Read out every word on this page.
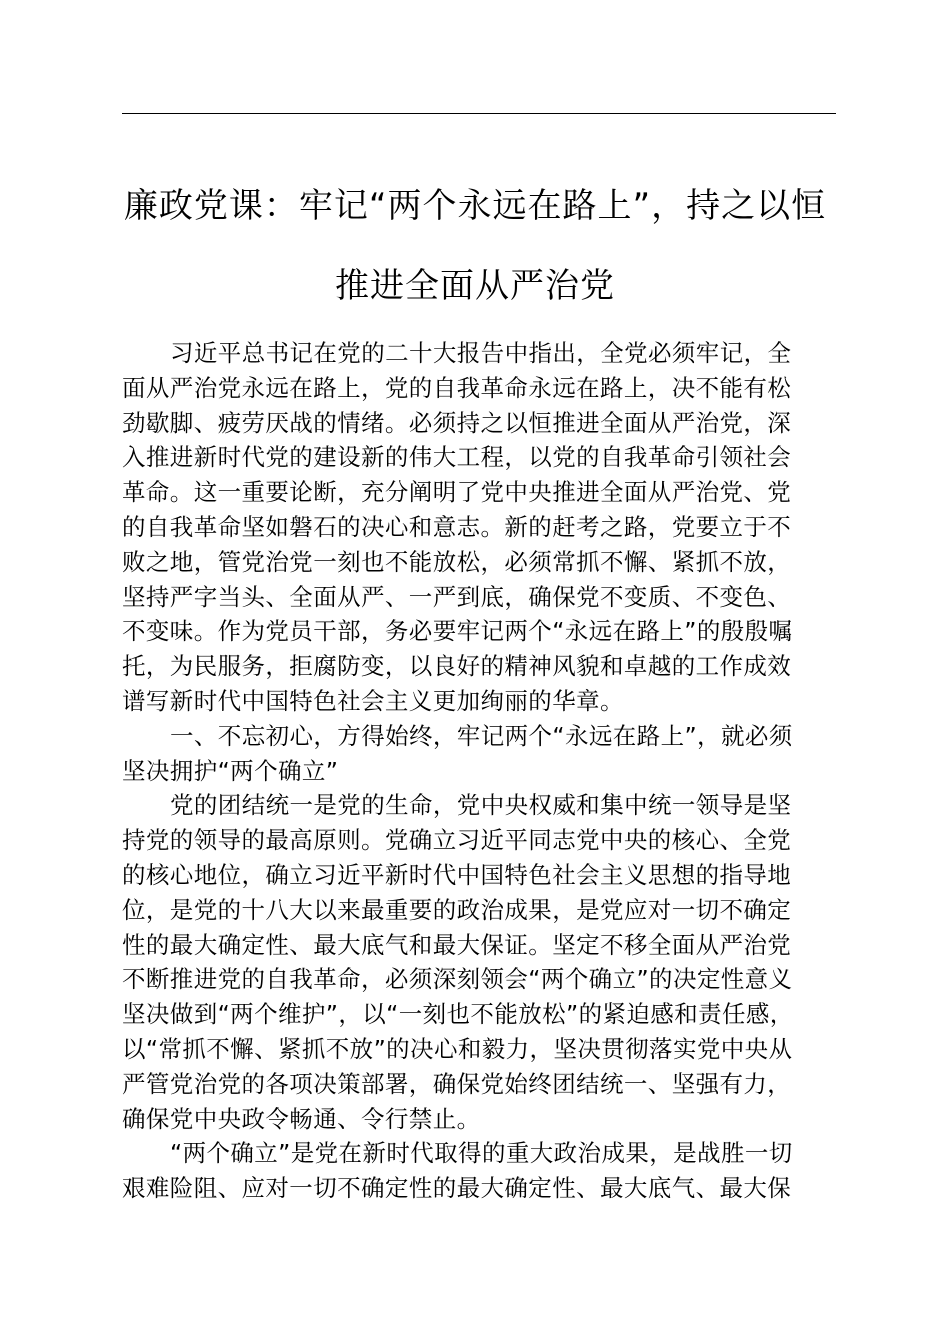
廉政党课：牢记“两个永远在路上”，持之以恒
推进全面从严治党
习近平总书记在党的二十大报告中指出，全党必须牢记，全
面从严治党永远在路上，党的自我革命永远在路上，决不能有松
劲歇脚、疲劳厌战的情绪。必须持之以恒推进全面从严治党，深
入推进新时代党的建设新的伟大工程，以党的自我革命引领社会
革命。这一重要论断，充分阐明了党中央推进全面从严治党、党
的自我革命坚如磐石的决心和意志。新的赶考之路，党要立于不
败之地，管党治党一刻也不能放松，必须常抓不懈、紧抓不放，
坚持严字当头、全面从严、一严到底，确保党不变质、不变色、
不变味。作为党员干部，务必要牢记两个“永远在路上”的殷殷嘱
托，为民服务，拒腐防变，以良好的精神风貌和卓越的工作成效
谱写新时代中国特色社会主义更加绚丽的华章。
一、不忘初心，方得始终，牢记两个“永远在路上”，就必须
坚决拥护“两个确立”
党的团结统一是党的生命，党中央权威和集中统一领导是坚
持党的领导的最高原则。党确立习近平同志党中央的核心、全党
的核心地位，确立习近平新时代中国特色社会主义思想的指导地
位，是党的十八大以来最重要的政治成果，是党应对一切不确定
性的最大确定性、最大底气和最大保证。坚定不移全面从严治党
不断推进党的自我革命，必须深刻领会“两个确立”的决定性意义
坚决做到“两个维护”，以“一刻也不能放松”的紧迫感和责任感，
以“常抓不懈、紧抓不放”的决心和毅力，坚决贯彻落实党中央从
严管党治党的各项决策部署，确保党始终团结统一、坚强有力，
确保党中央政令畅通、令行禁止。
“两个确立”是党在新时代取得的重大政治成果，是战胜一切
艰难险阻、应对一切不确定性的最大确定性、最大底气、最大保
